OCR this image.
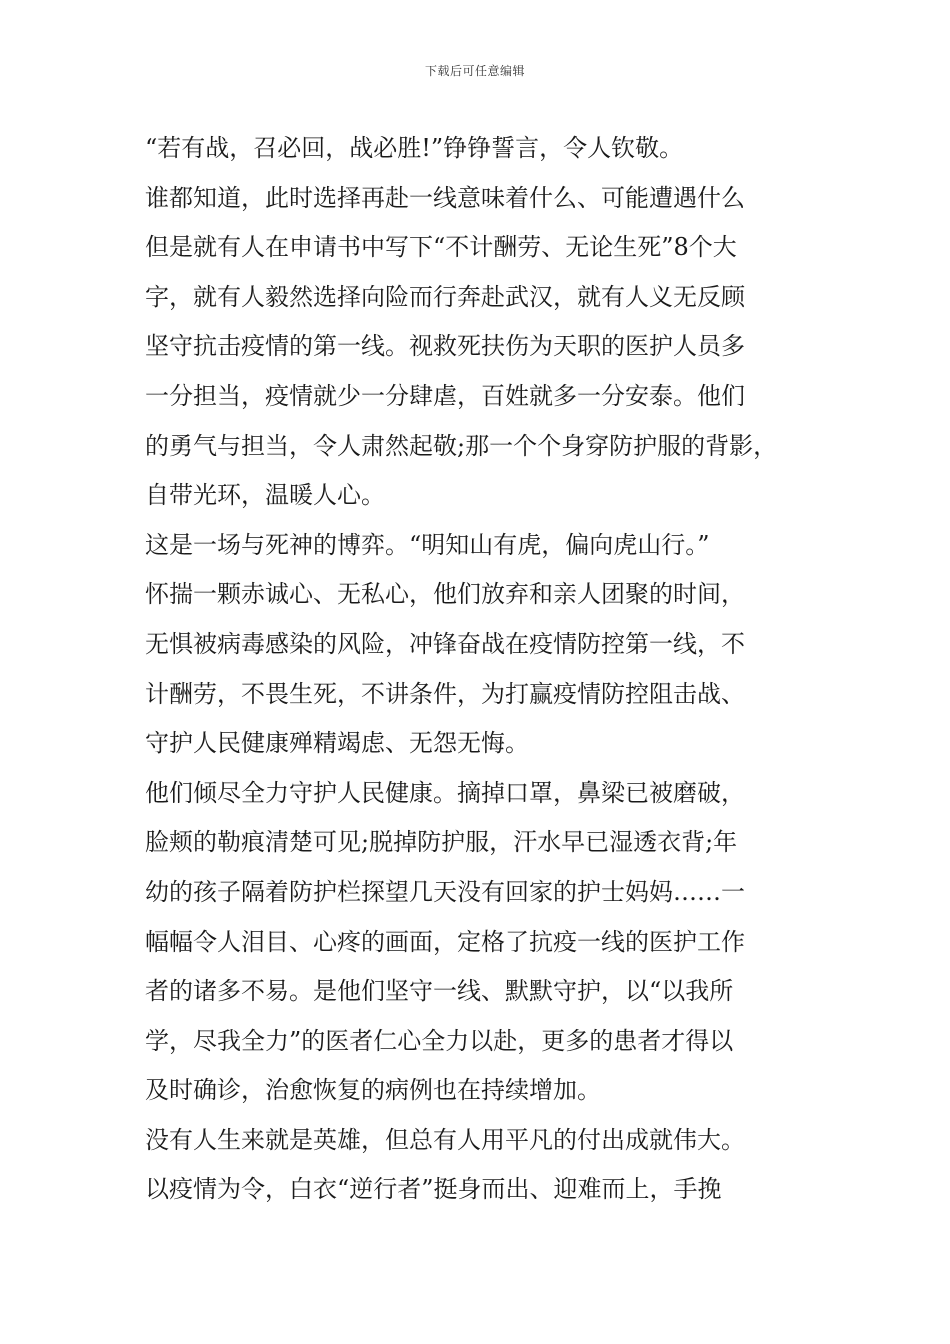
下载后可任意编辑
“若有战，召必回，战必胜!”铮铮誓言，令人钦敬。
谁都知道，此时选择再赴一线意味着什么、可能遭遇什么
但是就有人在申请书中写下“不计酬劳、无论生死”8个大
字，就有人毅然选择向险而行奔赴武汉，就有人义无反顾
坚守抗击疫情的第一线。视救死扶伤为天职的医护人员多
一分担当，疫情就少一分肆虐，百姓就多一分安泰。他们
的勇气与担当，令人肃然起敬;那一个个身穿防护服的背影，
自带光环，温暖人心。
这是一场与死神的博弈。“明知山有虎，偏向虎山行。”
怀揣一颗赤诚心、无私心，他们放弃和亲人团聚的时间，
无惧被病毒感染的风险，冲锋奋战在疫情防控第一线，不
计酬劳，不畏生死，不讲条件，为打赢疫情防控阻击战、
守护人民健康殚精竭虑、无怨无悔。
他们倾尽全力守护人民健康。摘掉口罩，鼻梁已被磨破，
脸颊的勒痕清楚可见;脱掉防护服，汗水早已湿透衣背;年
幼的孩子隔着防护栏探望几天没有回家的护士妈妈……一
幅幅令人泪目、心疼的画面，定格了抗疫一线的医护工作
者的诸多不易。是他们坚守一线、默默守护，以“以我所
学，尽我全力”的医者仁心全力以赴，更多的患者才得以
及时确诊，治愈恢复的病例也在持续增加。
没有人生来就是英雄，但总有人用平凡的付出成就伟大。
以疫情为令，白衣“逆行者”挺身而出、迎难而上，手挽
